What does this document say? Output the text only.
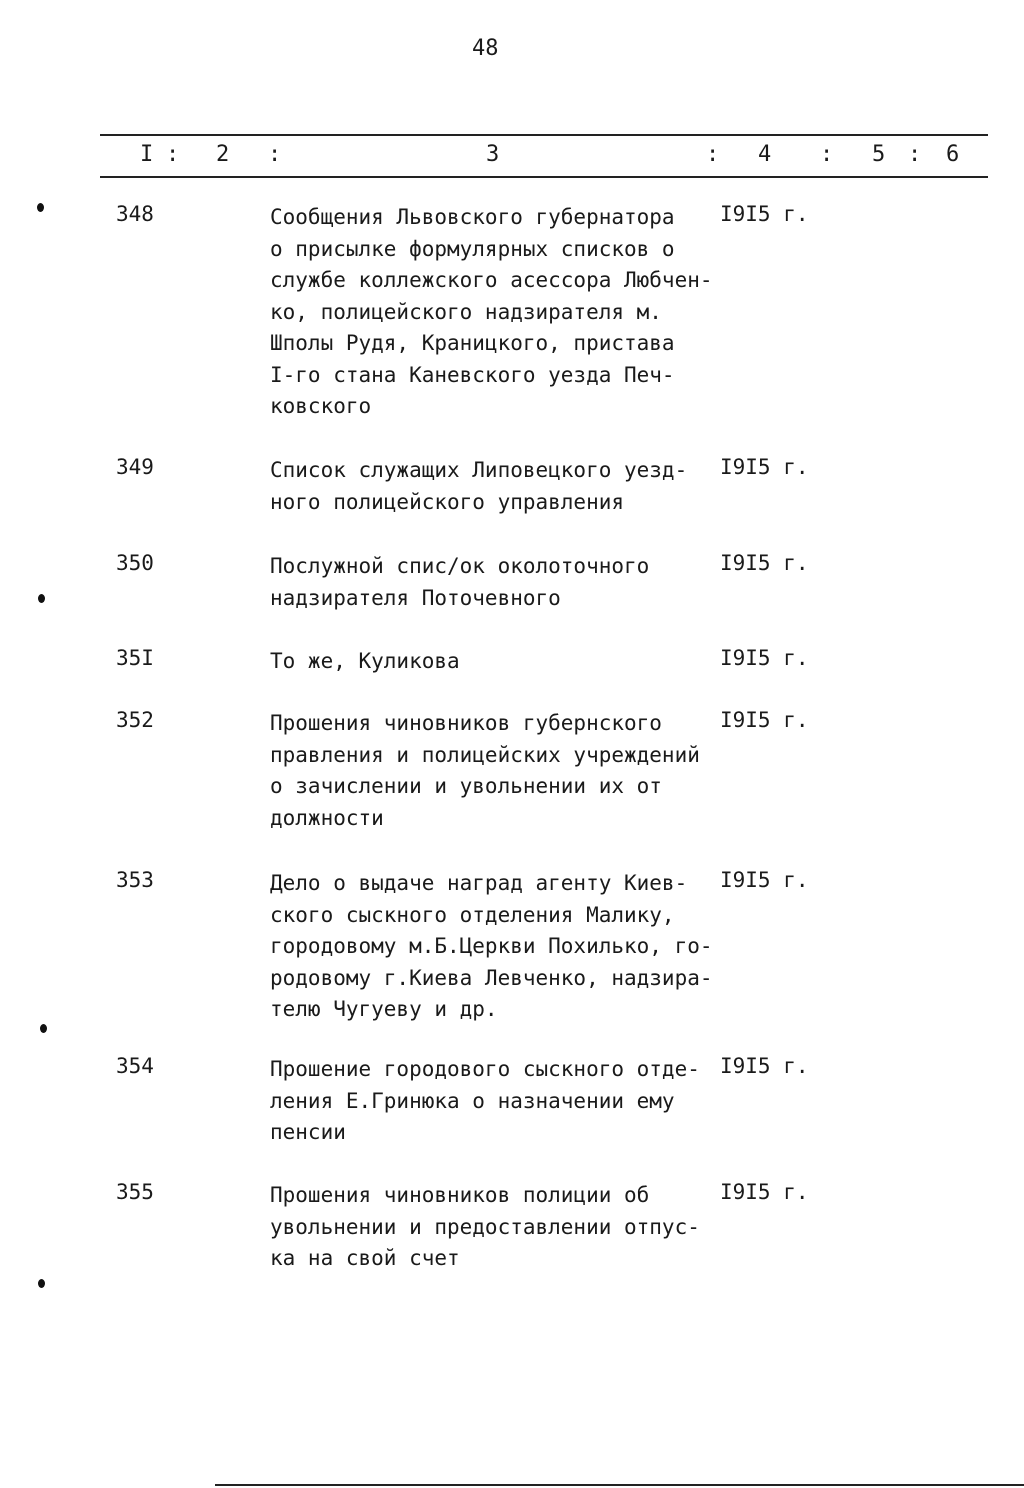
48
I : 2 :	3	: 4 : 5 : 6
348	Сообщения Львовского губернатора
о присылке формулярных списков о
службе коллежского асессора Любчен-
ко, полицейского надзирателя м.
Шполы Рудя, Краницкого, пристава
I-го стана Каневского уезда Печ-
ковского
I9I5 г.
349	Список служащих Липовецкого уезд-
ного полицейского управления
I9I5 г.
350	Послужной спис/ок околоточного
надзирателя Поточевного
I9I5 г.
35I	То же, Куликова	I9I5 г.
352	Прошения чиновников губернского
правления и полицейских учреждений
о зачислении и увольнении их от
должности
I9I5 г.
353	Дело о выдаче наград агенту Киев-
ского сыскного отделения Малику,
городовому м.Б.Церкви Похилько, го-
родовому г.Киева Левченко, надзира-
телю Чугуеву и др.
I9I5 г.
354	Прошение городового сыскного отде-
ления Е.Гринюка о назначении ему
пенсии
I9I5 г.
355	Прошения чиновников полиции об
увольнении и предоставлении отпус-
ка на свой счет
I9I5 г.
